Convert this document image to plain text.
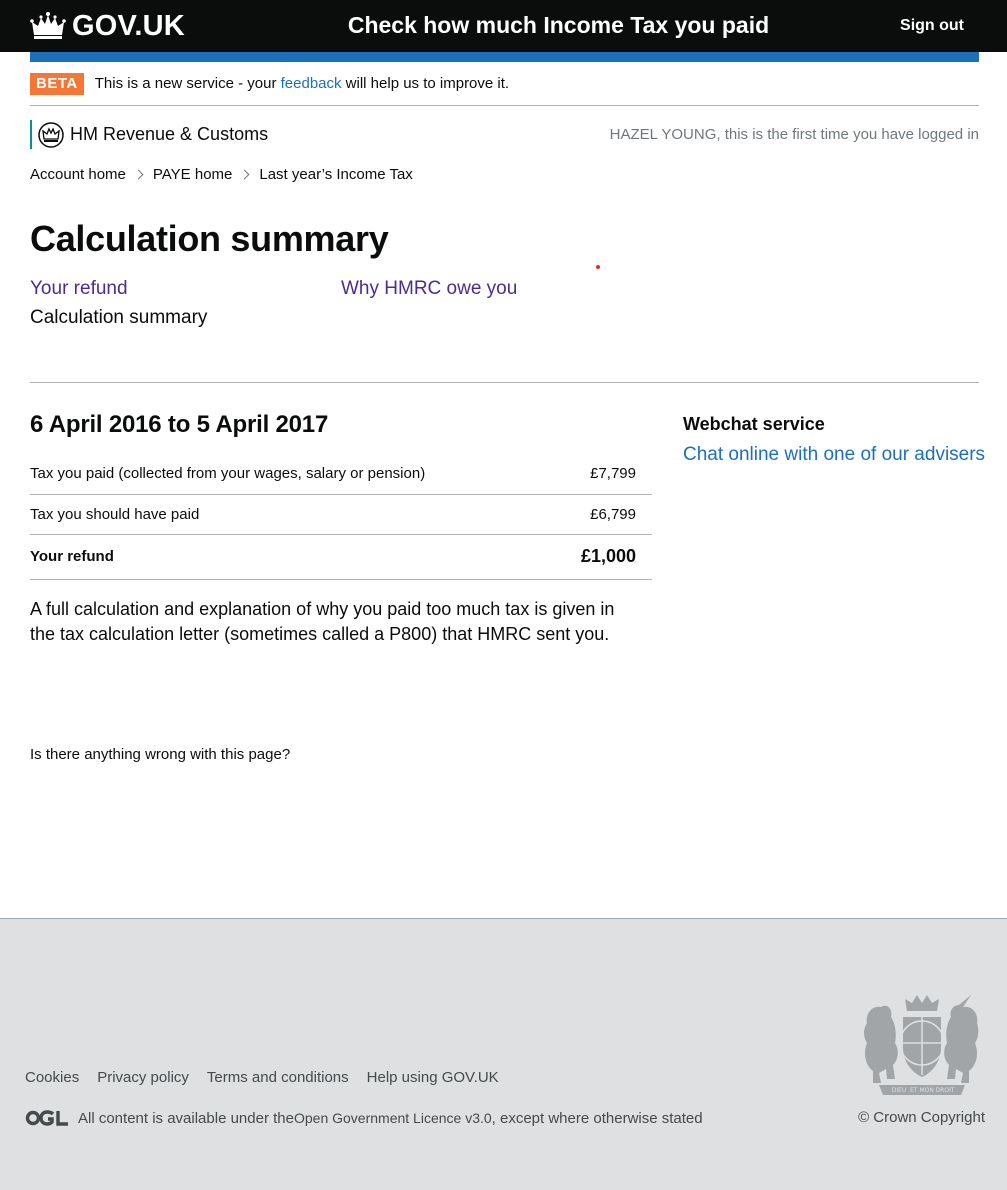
GOV.UK	Check how much Income Tax you paid	Sign out
BETA	This is a new service - your feedback will help us to improve it.
HM Revenue & Customs	HAZEL YOUNG, this is the first time you have logged in
Account home PAYE home Last year’s Income Tax
Calculation summary
Your refund	Why HMRC owe you
Calculation summary
6 April 2016 to 5 April 2017
Tax you paid (collected from your wages, salary or pension)	£7,799
Tax you should have paid	£6,799
Your refund	£1,000

A full calculation and explanation of why you paid too much tax is given in the tax calculation letter (sometimes called a P800) that HMRC sent you.

Webchat service
Chat online with one of our advisers
Is there anything wrong with this page?
DIEU ET MON DROIT
Cookies Privacy policy Terms and conditions Help using GOV.UK
All content is available under the Open Government Licence v3.0 , except where otherwise stated	© Crown Copyright
